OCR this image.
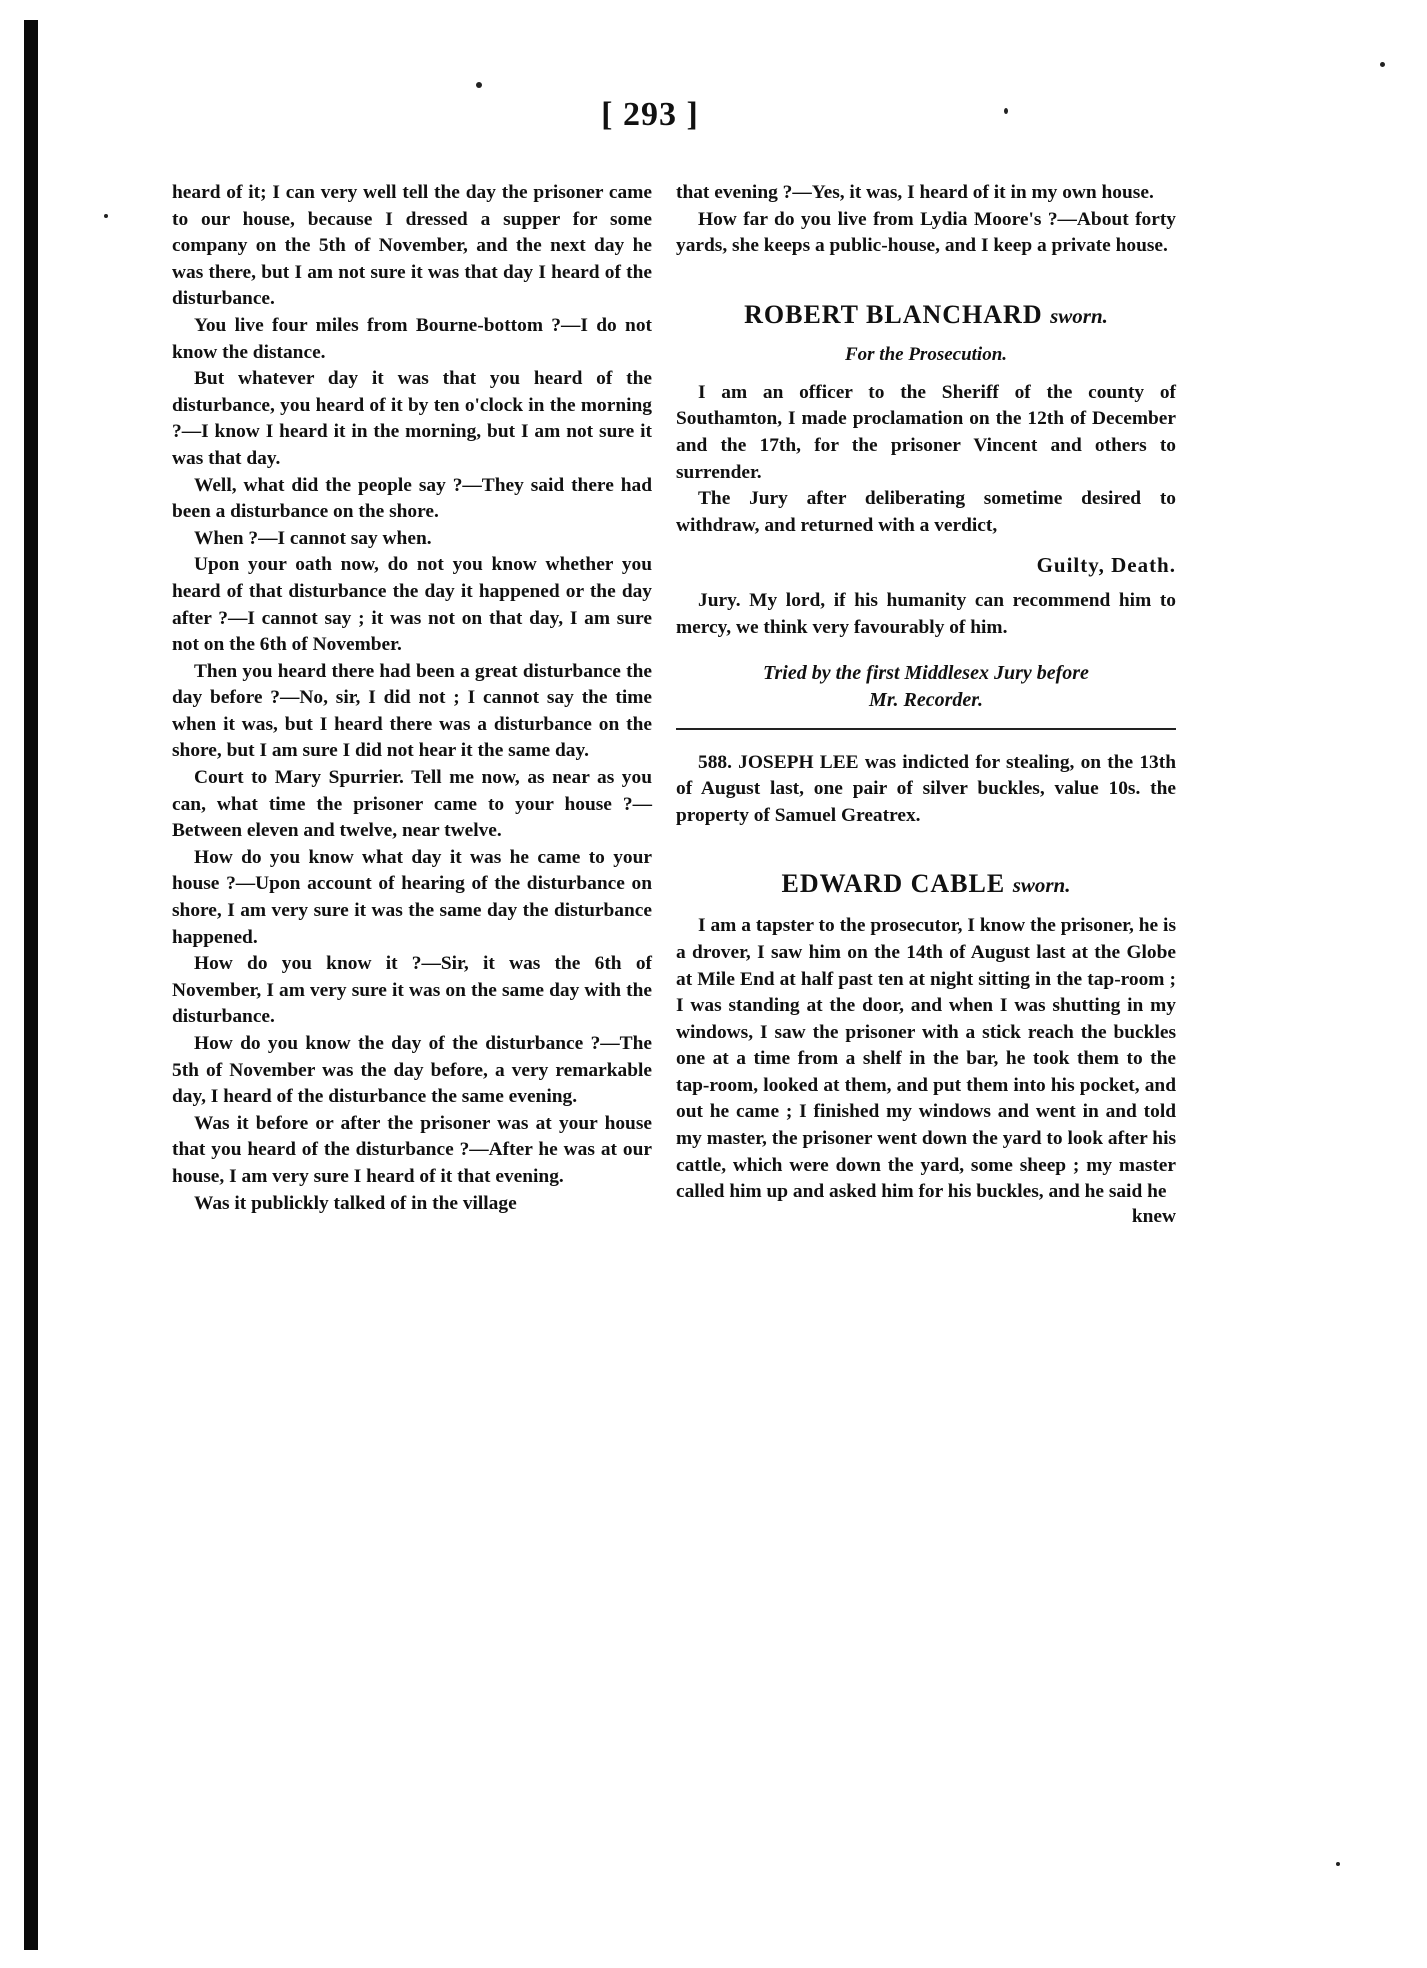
[ 293 ]

heard of it; I can very well tell the day the prisoner came to our house, because I dressed a supper for some company on the 5th of November, and the next day he was there, but I am not sure it was that day I heard of the disturbance.

You live four miles from Bourne-bottom ?—I do not know the distance.

But whatever day it was that you heard of the disturbance, you heard of it by ten o'clock in the morning ?—I know I heard it in the morning, but I am not sure it was that day.

Well, what did the people say ?—They said there had been a disturbance on the shore.

When ?—I cannot say when.

Upon your oath now, do not you know whether you heard of that disturbance the day it happened or the day after ?—I cannot say ; it was not on that day, I am sure not on the 6th of November.

Then you heard there had been a great disturbance the day before ?—No, sir, I did not ; I cannot say the time when it was, but I heard there was a disturbance on the shore, but I am sure I did not hear it the same day.

Court to Mary Spurrier. Tell me now, as near as you can, what time the prisoner came to your house ?—Between eleven and twelve, near twelve.

How do you know what day it was he came to your house ?—Upon account of hearing of the disturbance on shore, I am very sure it was the same day the disturbance happened.

How do you know it ?—Sir, it was the 6th of November, I am very sure it was on the same day with the disturbance.

How do you know the day of the disturbance ?—The 5th of November was the day before, a very remarkable day, I heard of the disturbance the same evening.

Was it before or after the prisoner was at your house that you heard of the disturbance ?—After he was at our house, I am very sure I heard of it that evening.

Was it publickly talked of in the village

that evening ?—Yes, it was, I heard of it in my own house.

How far do you live from Lydia Moore's ?—About forty yards, she keeps a public-house, and I keep a private house.

ROBERT BLANCHARD sworn.
For the Prosecution.

I am an officer to the Sheriff of the county of Southamton, I made proclamation on the 12th of December and the 17th, for the prisoner Vincent and others to surrender.

The Jury after deliberating sometime desired to withdraw, and returned with a verdict,

Guilty, Death.

Jury. My lord, if his humanity can recommend him to mercy, we think very favourably of him.

Tried by the first Middlesex Jury before
Mr. Recorder.

588. JOSEPH LEE was indicted for stealing, on the 13th of August last, one pair of silver buckles, value 10s. the property of Samuel Greatrex.

EDWARD CABLE sworn.

I am a tapster to the prosecutor, I know the prisoner, he is a drover, I saw him on the 14th of August last at the Globe at Mile End at half past ten at night sitting in the tap-room ; I was standing at the door, and when I was shutting in my windows, I saw the prisoner with a stick reach the buckles one at a time from a shelf in the bar, he took them to the tap-room, looked at them, and put them into his pocket, and out he came ; I finished my windows and went in and told my master, the prisoner went down the yard to look after his cattle, which were down the yard, some sheep ; my master called him up and asked him for his buckles, and he said he

knew
